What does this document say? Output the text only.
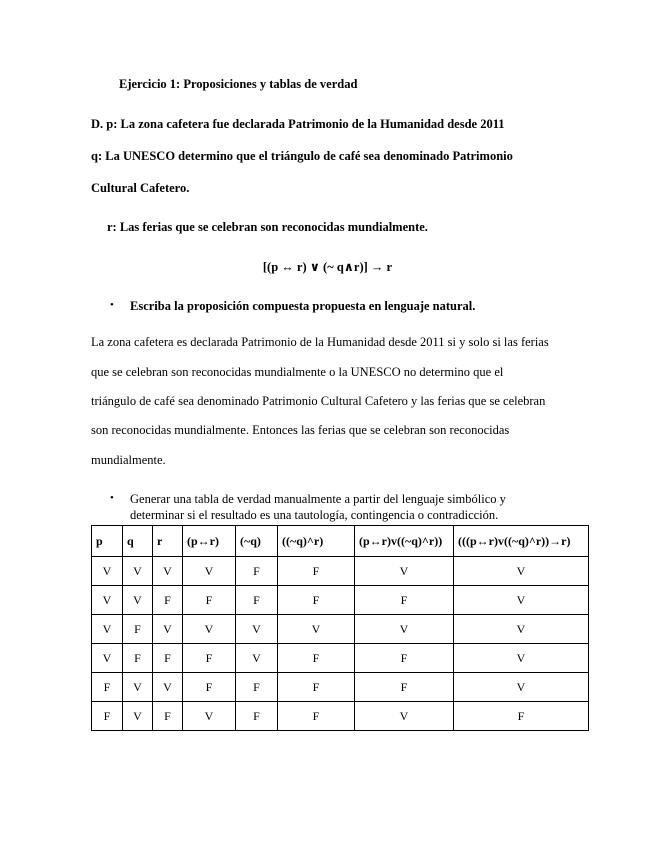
Ejercicio 1: Proposiciones y tablas de verdad
D. p: La zona cafetera fue declarada Patrimonio de la Humanidad desde 2011
q: La UNESCO determino que el triángulo de café sea denominado Patrimonio
Cultural Cafetero.
r: Las ferias que se celebran son reconocidas mundialmente.
[(p ↔ r) ∨ (~ q∧r)] → r
• Escriba la proposición compuesta propuesta en lenguaje natural.
La zona cafetera es declarada Patrimonio de la Humanidad desde 2011 si y solo si las ferias
que se celebran son reconocidas mundialmente o la UNESCO no determino que el
triángulo de café sea denominado Patrimonio Cultural Cafetero y las ferias que se celebran
son reconocidas mundialmente. Entonces las ferias que se celebran son reconocidas
mundialmente.
• Generar una tabla de verdad manualmente a partir del lenguaje simbólico y
determinar si el resultado es una tautología, contingencia o contradicción.
p	q	r	(p↔r)	(~q)	((~q)^r)	(p↔r)v((~q)^r))	(((p↔r)v((~q)^r))→r)
V	V	V	V	F	F	V	V
V	V	F	F	F	F	F	V
V	F	V	V	V	V	V	V
V	F	F	F	V	F	F	V
F	V	V	F	F	F	F	V
F	V	F	V	F	F	V	F
